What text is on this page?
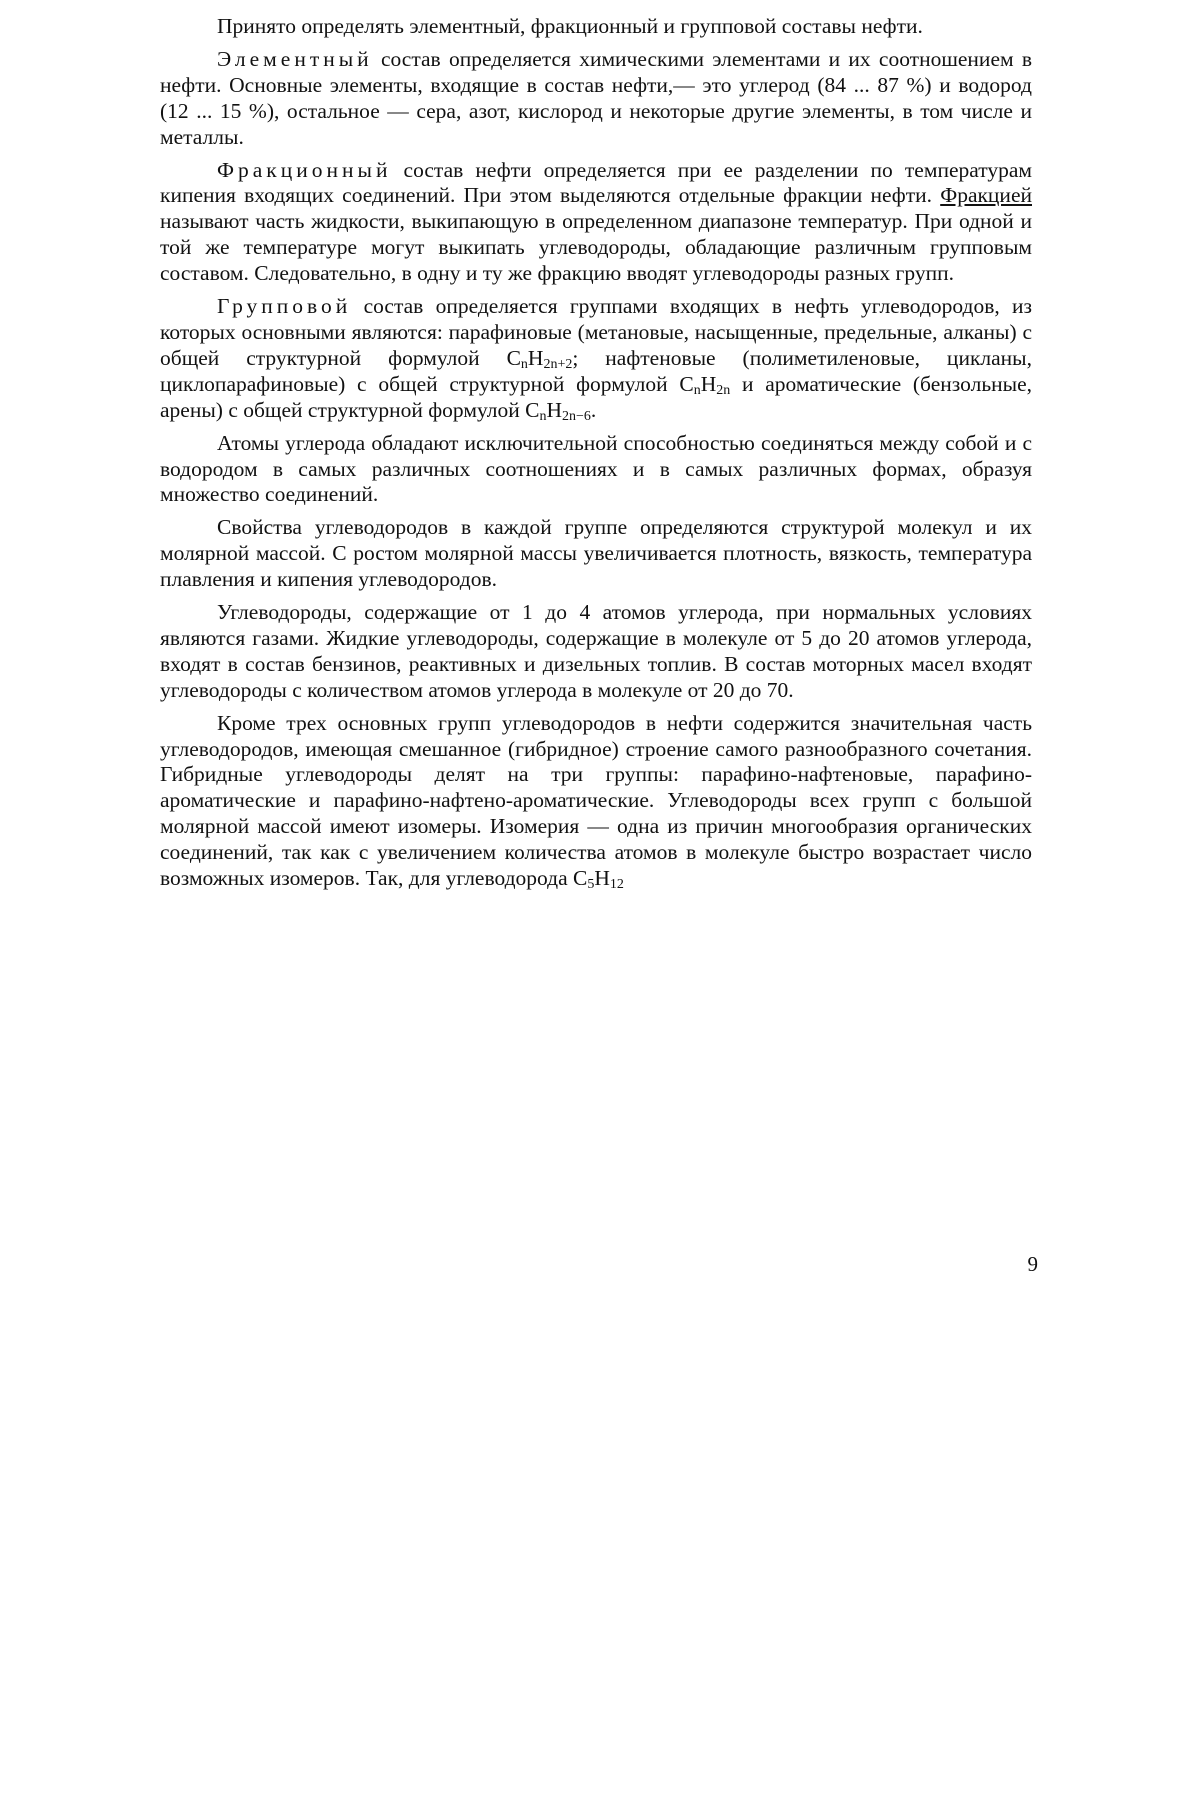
Принято определять элементный, фракционный и групповой составы нефти.

Элементный состав определяется химическими элементами и их соотношением в нефти. Основные элементы, входящие в состав нефти,— это углерод (84 ... 87 %) и водород (12 ... 15 %), остальное — сера, азот, кислород и некоторые другие элементы, в том числе и металлы.

Фракционный состав нефти определяется при ее разделении по температурам кипения входящих соединений. При этом выделяются отдельные фракции нефти. Фракцией называют часть жидкости, выкипающую в определенном диапазоне температур. При одной и той же температуре могут выкипать углеводороды, обладающие различным групповым составом. Следовательно, в одну и ту же фракцию вводят углеводороды разных групп.

Групповой состав определяется группами входящих в нефть углеводородов, из которых основными являются: парафиновые (метановые, насыщенные, предельные, алканы) с общей структурной формулой $C_nH_{2n+2}$; нафтеновые (полиметиленовые, цикланы, циклопарафиновые) с общей структурной формулой $C_nH_{2n}$ и ароматические (бензольные, арены) с общей структурной формулой $C_nH_{2n-6}$.

Атомы углерода обладают исключительной способностью соединяться между собой и с водородом в самых различных соотношениях и в самых различных формах, образуя множество соединений.

Свойства углеводородов в каждой группе определяются структурой молекул и их молярной массой. С ростом молярной массы увеличивается плотность, вязкость, температура плавления и кипения углеводородов.

Углеводороды, содержащие от 1 до 4 атомов углерода, при нормальных условиях являются газами. Жидкие углеводороды, содержащие в молекуле от 5 до 20 атомов углерода, входят в состав бензинов, реактивных и дизельных топлив. В состав моторных масел входят углеводороды с количеством атомов углерода в молекуле от 20 до 70.

Кроме трех основных групп углеводородов в нефти содержится значительная часть углеводородов, имеющая смешанное (гибридное) строение самого разнообразного сочетания. Гибридные углеводороды делят на три группы: парафино-нафтеновые, парафино-ароматические и парафино-нафтено-ароматические. Углеводороды всех групп с большой молярной массой имеют изомеры. Изомерия — одна из причин многообразия органических соединений, так как с увеличением количества атомов в молекуле быстро возрастает число возможных изомеров. Так, для углеводорода $C_5H_{12}$

9
